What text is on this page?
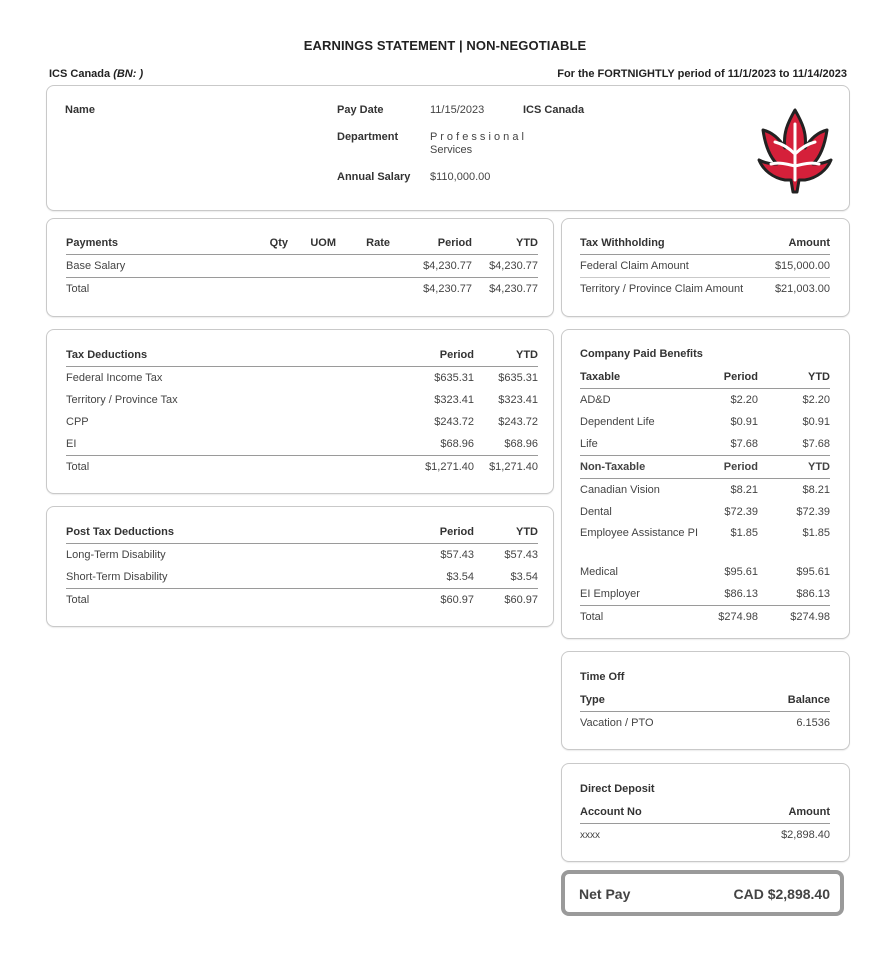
EARNINGS STATEMENT | NON-NEGOTIABLE
ICS Canada (BN: )	For the FORTNIGHTLY period of 11/1/2023 to 11/14/2023
Name	Pay Date	11/15/2023	ICS Canada
Department	P r o f e s s i o n a l
Services
Annual Salary $110,000.00
Payments	Qty	UOM	Rate	Period	YTD
Base Salary				$4,230.77	$4,230.77
Total				$4,230.77	$4,230.77
Tax Withholding	Amount
Federal Claim Amount	$15,000.00
Territory / Province Claim Amount	$21,003.00
Tax Deductions	Period	YTD
Federal Income Tax	$635.31	$635.31
Territory / Province Tax	$323.41	$323.41
CPP	$243.72	$243.72
EI	$68.96	$68.96
Total	$1,271.40	$1,271.40
Post Tax Deductions	Period	YTD
Long-Term Disability	$57.43	$57.43
Short-Term Disability	$3.54	$3.54
Total	$60.97	$60.97
Company Paid Benefits
Taxable	Period	YTD
AD&D	$2.20	$2.20
Dependent Life	$0.91	$0.91
Life	$7.68	$7.68
Non-Taxable	Period	YTD
Canadian Vision	$8.21	$8.21
Dental	$72.39	$72.39
Employee Assistance PI	$1.85	$1.85
Medical	$95.61	$95.61
EI Employer	$86.13	$86.13
Total	$274.98	$274.98
Time Off
Type	Balance
Vacation / PTO	6.1536
Direct Deposit
Account No	Amount
xxxx	$2,898.40
Net Pay	CAD $2,898.40
